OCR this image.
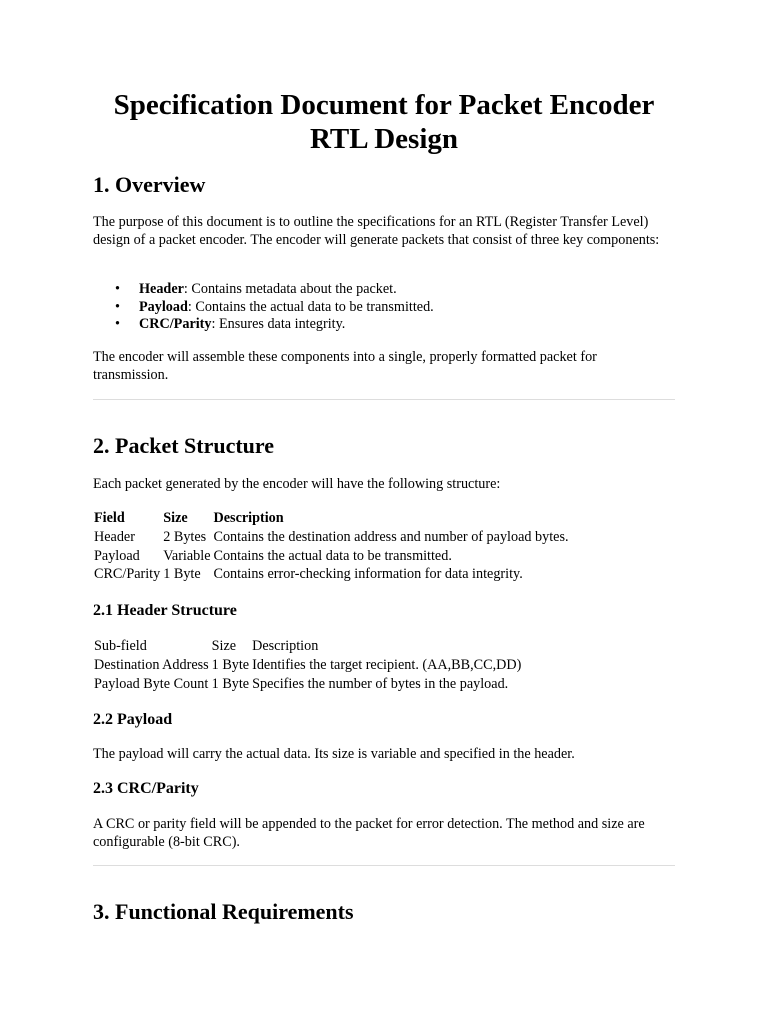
Specification Document for Packet Encoder RTL Design
1. Overview

The purpose of this document is to outline the specifications for an RTL (Register Transfer Level) design of a packet encoder. The encoder will generate packets that consist of three key components:

• Header: Contains metadata about the packet.
• Payload: Contains the actual data to be transmitted.
• CRC/Parity: Ensures data integrity.

The encoder will assemble these components into a single, properly formatted packet for transmission.

2. Packet Structure

Each packet generated by the encoder will have the following structure:

Field	Size	Description
Header	2 Bytes	Contains the destination address and number of payload bytes.
Payload	Variable	Contains the actual data to be transmitted.
CRC/Parity	1 Byte	Contains error-checking information for data integrity.
2.1 Header Structure
Sub-field	Size	Description
Destination Address	1 Byte	Identifies the target recipient. (AA,BB,CC,DD)
Payload Byte Count	1 Byte	Specifies the number of bytes in the payload.
2.2 Payload

The payload will carry the actual data. Its size is variable and specified in the header.

2.3 CRC/Parity

A CRC or parity field will be appended to the packet for error detection. The method and size are configurable (8-bit CRC).

3. Functional Requirements
